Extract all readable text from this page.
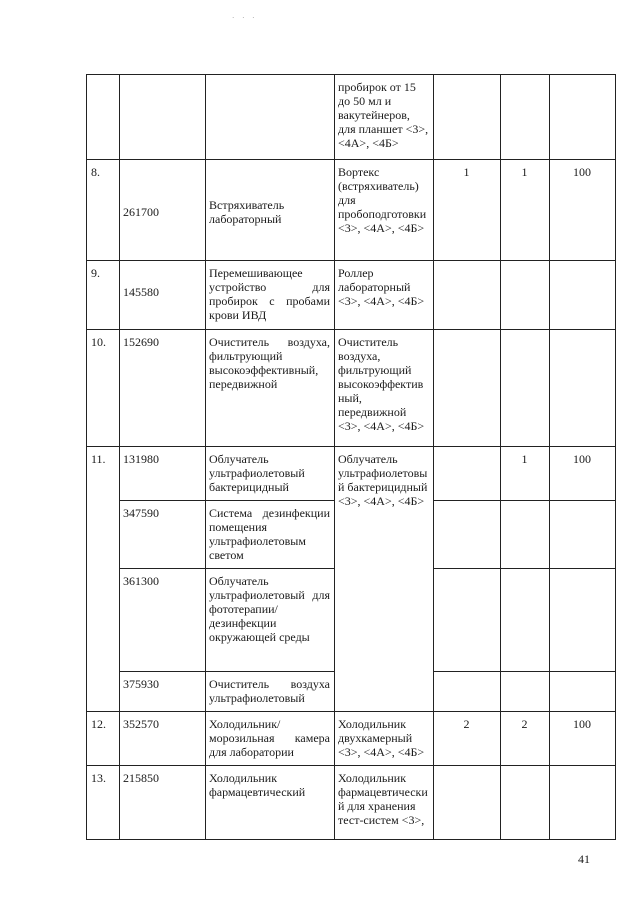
· · ·
			пробирок от 15 до 50 мл и вакутейнеров, для планшет <3>, <4А>, <4Б>			
8.	261700	Встряхиватель лабораторный	Вортекс (встряхиватель) для пробоподготовки <3>, <4А>, <4Б>	1	1	100
9.	145580	Перемешивающее устройство для пробирок с пробами крови ИВД	Роллер лабораторный <3>, <4А>, <4Б>			
10.	152690	Очиститель воздуха, фильтрующий высокоэффективный, передвижной	Очиститель воздуха, фильтрующий высокоэффективный, передвижной <3>, <4А>, <4Б>			
11.	131980	Облучатель ультрафиолетовый бактерицидный	Облучатель ультрафиолетовый бактерицидный <3>, <4А>, <4Б>		1	100
	347590	Система дезинфекции помещения ультрафиолетовым светом				
	361300	Облучатель ультрафиолетовый для фототерапии/дезинфекции окружающей среды				
	375930	Очиститель воздуха ультрафиолетовый				
12.	352570	Холодильник/морозильная камера для лаборатории	Холодильник двухкамерный <3>, <4А>, <4Б>	2	2	100
13.	215850	Холодильник фармацевтический	Холодильник фармацевтический для хранения тест-систем <3>,			
41
